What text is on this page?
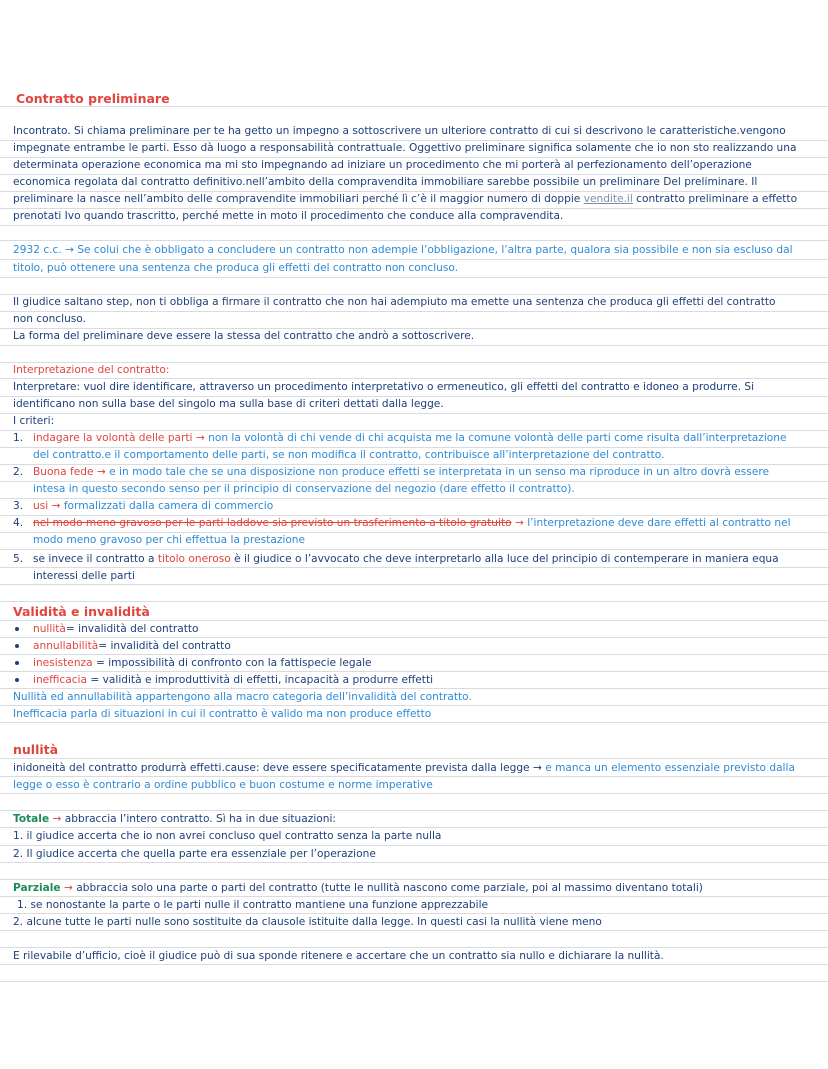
Contratto preliminare
Incontrato. Si chiama preliminare per te ha getto un impegno a sottoscrivere un ulteriore contratto di cui si descrivono le caratteristiche.vengono
impegnate entrambe le parti. Esso dà luogo a responsabilità contrattuale. Oggettivo preliminare significa solamente che io non sto realizzando una
determinata operazione economica ma mi sto impegnando ad iniziare un procedimento che mi porterà al perfezionamento dell’operazione
economica regolata dal contratto definitivo.nell’ambito della compravendita immobiliare sarebbe possibile un preliminare Del preliminare. Il
preliminare la nasce nell’ambito delle compravendite immobiliari perché lì c’è il maggior numero di doppie vendite.il contratto preliminare a effetto
prenotati Ivo quando trascritto, perché mette in moto il procedimento che conduce alla compravendita.
2932 c.c. → Se colui che è obbligato a concludere un contratto non adempie l’obbligazione, l’altra parte, qualora sia possibile e non sia escluso dal
titolo, può ottenere una sentenza che produca gli effetti del contratto non concluso.
Il giudice saltano step, non ti obbliga a firmare il contratto che non hai adempiuto ma emette una sentenza che produca gli effetti del contratto
non concluso.
La forma del preliminare deve essere la stessa del contratto che andrò a sottoscrivere.
Interpretazione del contratto:
Interpretare: vuol dire identificare, attraverso un procedimento interpretativo o ermeneutico, gli effetti del contratto e idoneo a produrre. Si
identificano non sulla base del singolo ma sulla base di criteri dettati dalla legge.
I criteri:
1. indagare la volontà delle parti → non la volontà di chi vende di chi acquista me la comune volontà delle parti come risulta dall’interpretazione
del contratto.e il comportamento delle parti, se non modifica il contratto, contribuisce all’interpretazione del contratto.
2. Buona fede → e in modo tale che se una disposizione non produce effetti se interpretata in un senso ma riproduce in un altro dovrà essere
intesa in questo secondo senso per il principio di conservazione del negozio (dare effetto il contratto).
3. usi → formalizzati dalla camera di commercio
4. nel modo meno gravoso per le parti laddove sia previsto un trasferimento a titolo gratuito → l’interpretazione deve dare effetti al contratto nel
modo meno gravoso per chi effettua la prestazione
5. se invece il contratto a titolo oneroso è il giudice o l’avvocato che deve interpretarlo alla luce del principio di contemperare in maniera equa
interessi delle parti
Validità e invalidità
nullità= invalidità del contratto
annullabilità= invalidità del contratto
inesistenza = impossibilità di confronto con la fattispecie legale
inefficacia = validità e improduttività di effetti, incapacità a produrre effetti
Nullità ed annullabilità appartengono alla macro categoria dell’invalidità del contratto.
Inefficacia parla di situazioni in cui il contratto è valido ma non produce effetto
nullità
inidoneità del contratto produrrà effetti.cause: deve essere specificatamente prevista dalla legge → e manca un elemento essenziale previsto dalla
legge o esso è contrario a ordine pubblico e buon costume e norme imperative
Totale → abbraccia l’intero contratto. Sì ha in due situazioni:
1. il giudice accerta che io non avrei concluso quel contratto senza la parte nulla
2. Il giudice accerta che quella parte era essenziale per l’operazione
Parziale → abbraccia solo una parte o parti del contratto (tutte le nullità nascono come parziale, poi al massimo diventano totali)
1. se nonostante la parte o le parti nulle il contratto mantiene una funzione apprezzabile
2. alcune tutte le parti nulle sono sostituite da clausole istituite dalla legge. In questi casi la nullità viene meno
E rilevabile d’ufficio, cioè il giudice può di sua sponde ritenere e accertare che un contratto sia nullo e dichiarare la nullità.
